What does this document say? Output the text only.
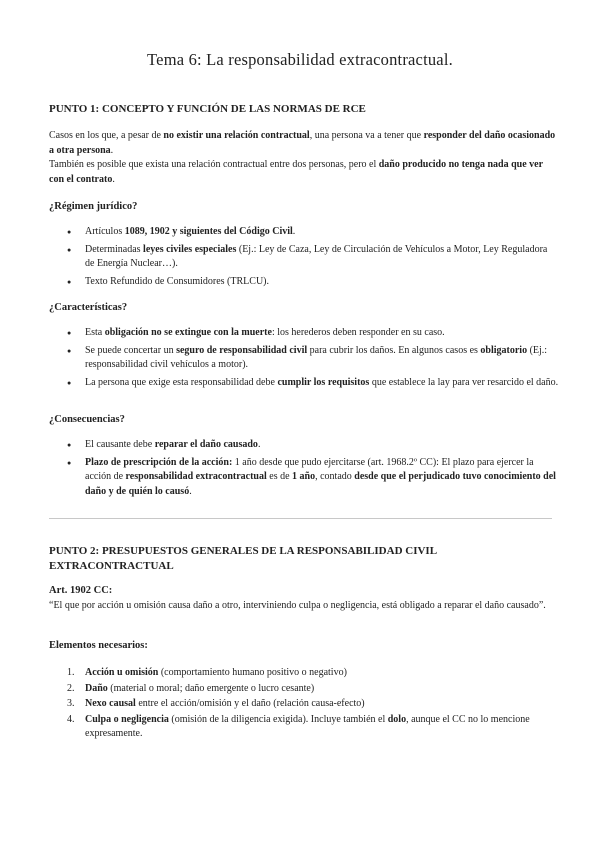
Tema 6: La responsabilidad extracontractual.
PUNTO 1: CONCEPTO Y FUNCIÓN DE LAS NORMAS DE RCE
Casos en los que, a pesar de no existir una relación contractual, una persona va a tener que responder del daño ocasionado a otra persona.
También es posible que exista una relación contractual entre dos personas, pero el daño producido no tenga nada que ver con el contrato.
¿Régimen jurídico?
● Artículos 1089, 1902 y siguientes del Código Civil.
● Determinadas leyes civiles especiales (Ej.: Ley de Caza, Ley de Circulación de Vehículos a Motor, Ley Reguladora de Energía Nuclear…).
● Texto Refundido de Consumidores (TRLCU).
¿Características?
● Esta obligación no se extingue con la muerte: los herederos deben responder en su caso.
● Se puede concertar un seguro de responsabilidad civil para cubrir los daños. En algunos casos es obligatorio (Ej.: responsabilidad civil vehículos a motor).
● La persona que exige esta responsabilidad debe cumplir los requisitos que establece la lay para ver resarcido el daño.
¿Consecuencias?
● El causante debe reparar el daño causado.
● Plazo de prescripción de la acción: 1 año desde que pudo ejercitarse (art. 1968.2º CC): El plazo para ejercer la acción de responsabilidad extracontractual es de 1 año, contado desde que el perjudicado tuvo conocimiento del daño y de quién lo causó.
PUNTO 2: PRESUPUESTOS GENERALES DE LA RESPONSABILIDAD CIVIL EXTRACONTRACTUAL
Art. 1902 CC:
“El que por acción u omisión causa daño a otro, interviniendo culpa o negligencia, está obligado a reparar el daño causado”.
Elementos necesarios:
1. Acción u omisión (comportamiento humano positivo o negativo)
2. Daño (material o moral; daño emergente o lucro cesante)
3. Nexo causal entre el acción/omisión y el daño (relación causa-efecto)
4. Culpa o negligencia (omisión de la diligencia exigida). Incluye también el dolo, aunque el CC no lo mencione expresamente.
